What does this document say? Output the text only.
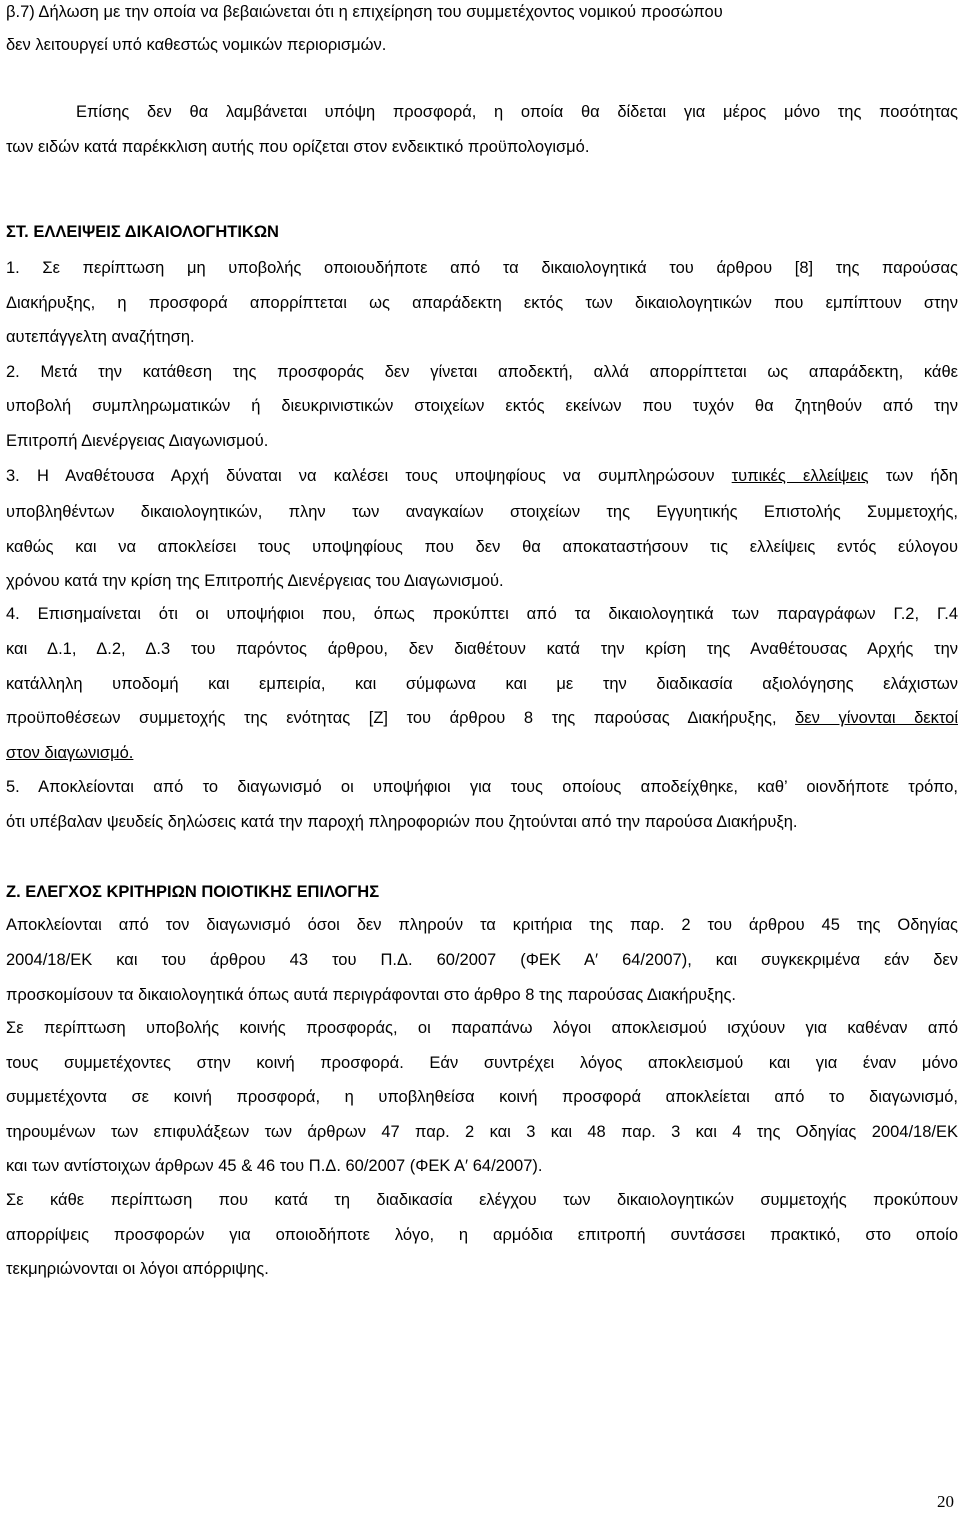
β.7) Δήλωση με την οποία να βεβαιώνεται ότι η επιχείρηση του συμμετέχοντος νομικού προσώπου
δεν λειτουργεί υπό καθεστώς νομικών περιορισμών.
Επίσης δεν θα λαμβάνεται υπόψη προσφορά, η οποία θα δίδεται για μέρος μόνο της ποσότητας
των ειδών κατά παρέκκλιση αυτής που ορίζεται στον ενδεικτικό προϋπολογισμό.
ΣΤ. ΕΛΛΕΙΨΕΙΣ ΔΙΚΑΙΟΛΟΓΗΤΙΚΩΝ
1. Σε περίπτωση μη υποβολής οποιουδήποτε από τα δικαιολογητικά του άρθρου [8] της παρούσας
Διακήρυξης, η προσφορά απορρίπτεται ως απαράδεκτη εκτός των δικαιολογητικών που εμπίπτουν στην
αυτεπάγγελτη αναζήτηση.
2. Μετά την κατάθεση της προσφοράς δεν γίνεται αποδεκτή, αλλά απορρίπτεται ως απαράδεκτη, κάθε
υποβολή συμπληρωματικών ή διευκρινιστικών στοιχείων εκτός εκείνων που τυχόν θα ζητηθούν από την
Επιτροπή Διενέργειας Διαγωνισμού.
3. Η Αναθέτουσα Αρχή δύναται να καλέσει τους υποψηφίους να συμπληρώσουν τυπικές ελλείψεις των ήδη
υποβληθέντων δικαιολογητικών, πλην των αναγκαίων στοιχείων της Εγγυητικής Επιστολής Συμμετοχής,
καθώς και να αποκλείσει τους υποψηφίους που δεν θα αποκαταστήσουν τις ελλείψεις εντός εύλογου
χρόνου κατά την κρίση της Επιτροπής Διενέργειας του Διαγωνισμού.
4. Επισημαίνεται ότι οι υποψήφιοι που, όπως προκύπτει από τα δικαιολογητικά των παραγράφων Γ.2, Γ.4
και Δ.1, Δ.2, Δ.3 του παρόντος άρθρου, δεν διαθέτουν κατά την κρίση της Αναθέτουσας Αρχής την
κατάλληλη υποδομή και εμπειρία, και σύμφωνα και με την διαδικασία αξιολόγησης ελάχιστων
προϋποθέσεων συμμετοχής της ενότητας [Ζ] του άρθρου 8 της παρούσας Διακήρυξης, δεν γίνονται δεκτοί
στον διαγωνισμό.
5. Αποκλείονται από το διαγωνισμό οι υποψήφιοι για τους οποίους αποδείχθηκε, καθ’ οιονδήποτε τρόπο,
ότι υπέβαλαν ψευδείς δηλώσεις κατά την παροχή πληροφοριών που ζητούνται από την παρούσα Διακήρυξη.
Ζ. ΕΛΕΓΧΟΣ ΚΡΙΤΗΡΙΩΝ ΠΟΙΟΤΙΚΗΣ ΕΠΙΛΟΓΗΣ
Αποκλείονται από τον διαγωνισμό όσοι δεν πληρούν τα κριτήρια της παρ. 2 του άρθρου 45 της Οδηγίας
2004/18/ΕΚ και του άρθρου 43 του Π.Δ. 60/2007 (ΦΕΚ Α′ 64/2007), και συγκεκριμένα εάν δεν
προσκομίσουν τα δικαιολογητικά όπως αυτά περιγράφονται στο άρθρο 8 της παρούσας Διακήρυξης.
Σε περίπτωση υποβολής κοινής προσφοράς, οι παραπάνω λόγοι αποκλεισμού ισχύουν για καθέναν από
τους συμμετέχοντες στην κοινή προσφορά. Εάν συντρέχει λόγος αποκλεισμού και για έναν μόνο
συμμετέχοντα σε κοινή προσφορά, η υποβληθείσα κοινή προσφορά αποκλείεται από το διαγωνισμό,
τηρουμένων των επιφυλάξεων των άρθρων 47 παρ. 2 και 3 και 48 παρ. 3 και 4 της Οδηγίας 2004/18/ΕΚ
και των αντίστοιχων άρθρων 45 & 46 του Π.Δ. 60/2007 (ΦΕΚ Α′ 64/2007).
Σε κάθε περίπτωση που κατά τη διαδικασία ελέγχου των δικαιολογητικών συμμετοχής προκύπουν
απορρίψεις προσφορών για οποιοδήποτε λόγο, η αρμόδια επιτροπή συντάσσει πρακτικό, στο οποίο
τεκμηριώνονται οι λόγοι απόρριψης.
20
